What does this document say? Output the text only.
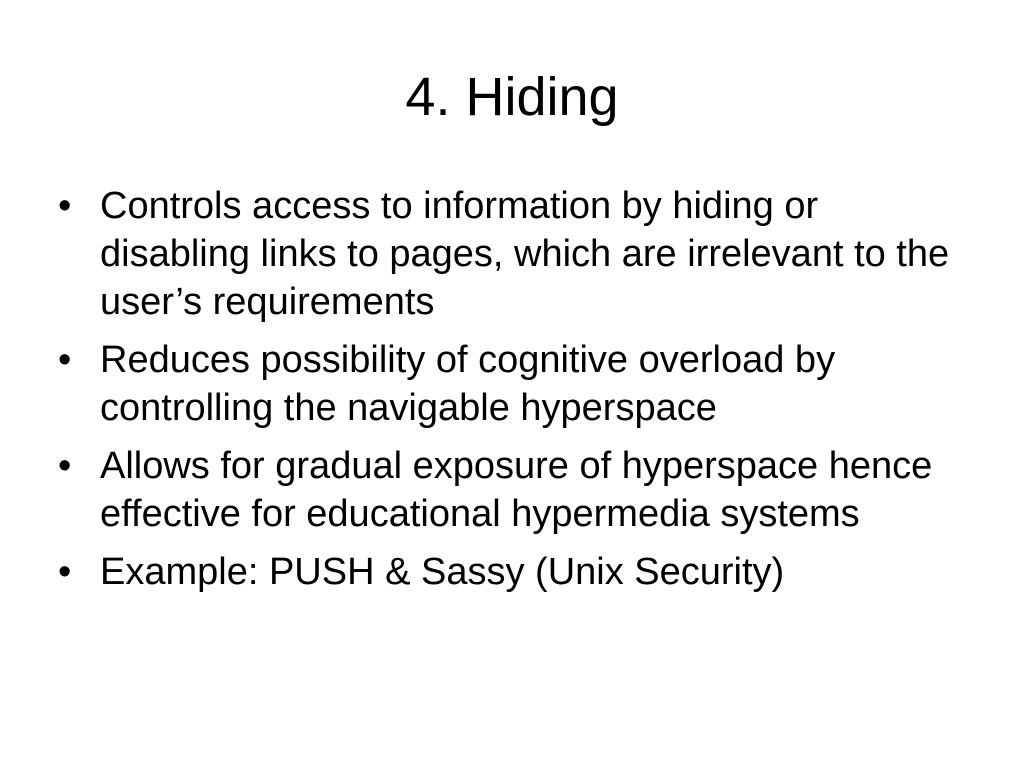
4. Hiding
• Controls access to information by hiding or disabling links to pages, which are irrelevant to the user’s requirements
• Reduces possibility of cognitive overload by controlling the navigable hyperspace
• Allows for gradual exposure of hyperspace hence effective for educational hypermedia systems
• Example: PUSH & Sassy (Unix Security)
